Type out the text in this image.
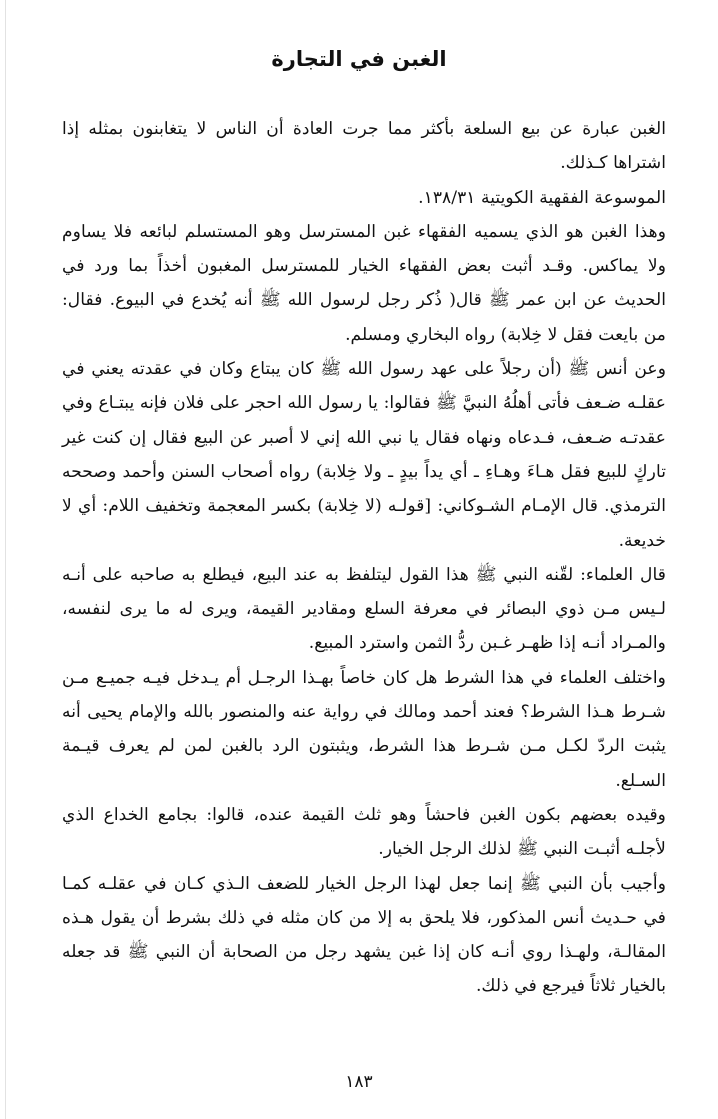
الغبن في التجارة

الغبن عبارة عن بيع السلعة بأكثر مما جرت العادة أن الناس لا يتغابنون بمثله إذا اشتراها كـذلك.

الموسوعة الفقهية الكويتية ١٣٨/٣١.

وهذا الغبن هو الذي يسميه الفقهاء غبن المسترسل وهو المستسلم لبائعه فلا يساوم ولا يماكس. وقـد أثبت بعض الفقهاء الخيار للمسترسل المغبون أخذاً بما ورد في الحديث عن ابن عمر ﷺ قال( ذُكر رجل لرسول الله ﷺ أنه يُخدع في البيوع. فقال: من بايعت فقل لا خِلابة) رواه البخاري ومسلم.

وعن أنس ﷺ (أن رجلاً على عهد رسول الله ﷺ كان يبتاع وكان في عقدته يعني في عقلـه ضـعف فأتى أهلُهُ النبيَّ ﷺ فقالوا: يا رسول الله احجر على فلان فإنه يبتـاع وفي عقدتـه ضـعف، فـدعاه ونهاه فقال يا نبي الله إني لا أصبر عن البيع فقال إن كنت غير تاركٍ للبيع فقل هـاءَ وهـاءِ ـ أي يداً بيدٍ ـ ولا خِلابة) رواه أصحاب السنن وأحمد وصححه الترمذي. قال الإمـام الشـوكاني: [قولـه (لا خِلابة) بكسر المعجمة وتخفيف اللام: أي لا خديعة.

قال العلماء: لقّنه النبي ﷺ هذا القول ليتلفظ به عند البيع، فيطلع به صاحبه على أنـه لـيس مـن ذوي البصائر في معرفة السلع ومقادير القيمة، ويرى له ما يرى لنفسه، والمـراد أنـه إذا ظهـر غـبن ردُّ الثمن واسترد المبيع.

واختلف العلماء في هذا الشرط هل كان خاصاً بهـذا الرجـل أم يـدخل فيـه جميـع مـن شـرط هـذا الشرط؟ فعند أحمد ومالك في رواية عنه والمنصور بالله والإمام يحيى أنه يثبت الردّ لكـل مـن شـرط هذا الشرط، ويثبتون الرد بالغبن لمن لم يعرف قيـمة السـلع.

وقيده بعضهم بكون الغبن فاحشاً وهو ثلث القيمة عنده، قالوا: بجامع الخداع الذي لأجلـه أثبـت النبي ﷺ لذلك الرجل الخيار.

وأجيب بأن النبي ﷺ إنما جعل لهذا الرجل الخيار للضعف الـذي كـان في عقلـه كمـا في حـديث أنس المذكور، فلا يلحق به إلا من كان مثله في ذلك بشرط أن يقول هـذه المقالـة، ولهـذا روي أنـه كان إذا غبن يشهد رجل من الصحابة أن النبي ﷺ قد جعله بالخيار ثلاثاً فيرجع في ذلك.

١٨٣
